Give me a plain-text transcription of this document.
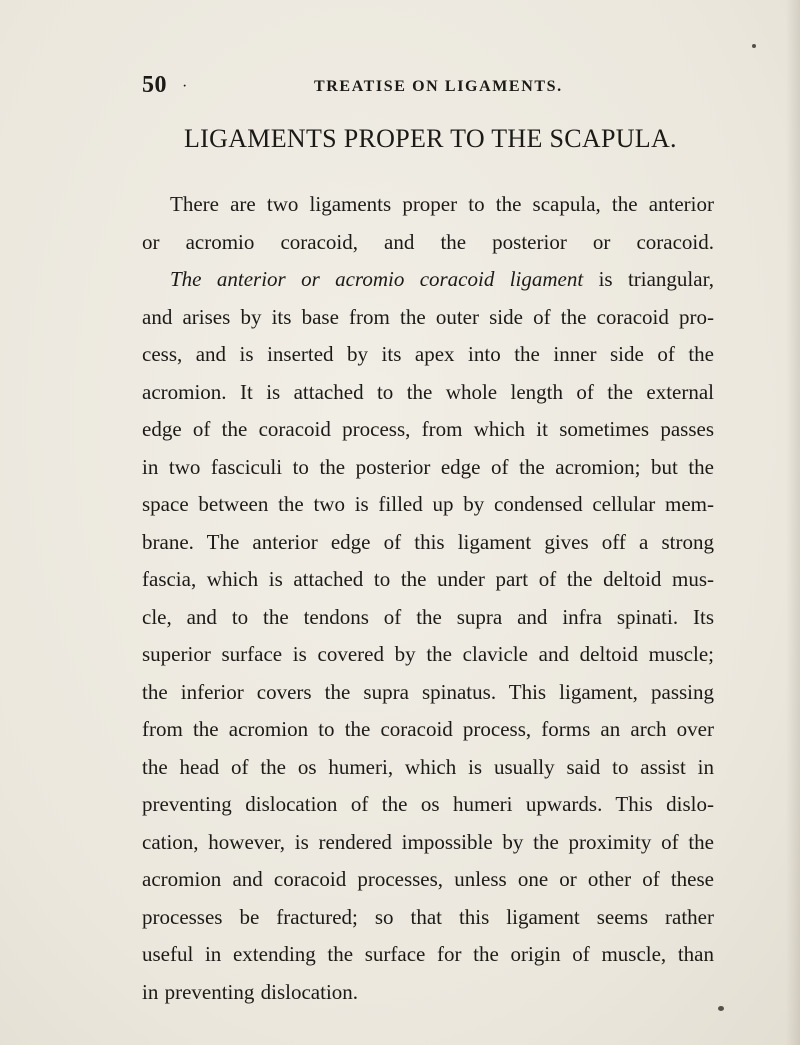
50 ·	TREATISE ON LIGAMENTS.
LIGAMENTS PROPER TO THE SCAPULA.
There are two ligaments proper to the scapula, the anterior
or acromio coracoid, and the posterior or coracoid.
The anterior or acromio coracoid ligament is triangular,
and arises by its base from the outer side of the coracoid pro-
cess, and is inserted by its apex into the inner side of the
acromion. It is attached to the whole length of the external
edge of the coracoid process, from which it sometimes passes
in two fasciculi to the posterior edge of the acromion; but the
space between the two is filled up by condensed cellular mem-
brane. The anterior edge of this ligament gives off a strong
fascia, which is attached to the under part of the deltoid mus-
cle, and to the tendons of the supra and infra spinati. Its
superior surface is covered by the clavicle and deltoid muscle;
the inferior covers the supra spinatus. This ligament, passing
from the acromion to the coracoid process, forms an arch over
the head of the os humeri, which is usually said to assist in
preventing dislocation of the os humeri upwards. This dislo-
cation, however, is rendered impossible by the proximity of the
acromion and coracoid processes, unless one or other of these
processes be fractured; so that this ligament seems rather
useful in extending the surface for the origin of muscle, than
in preventing dislocation.
